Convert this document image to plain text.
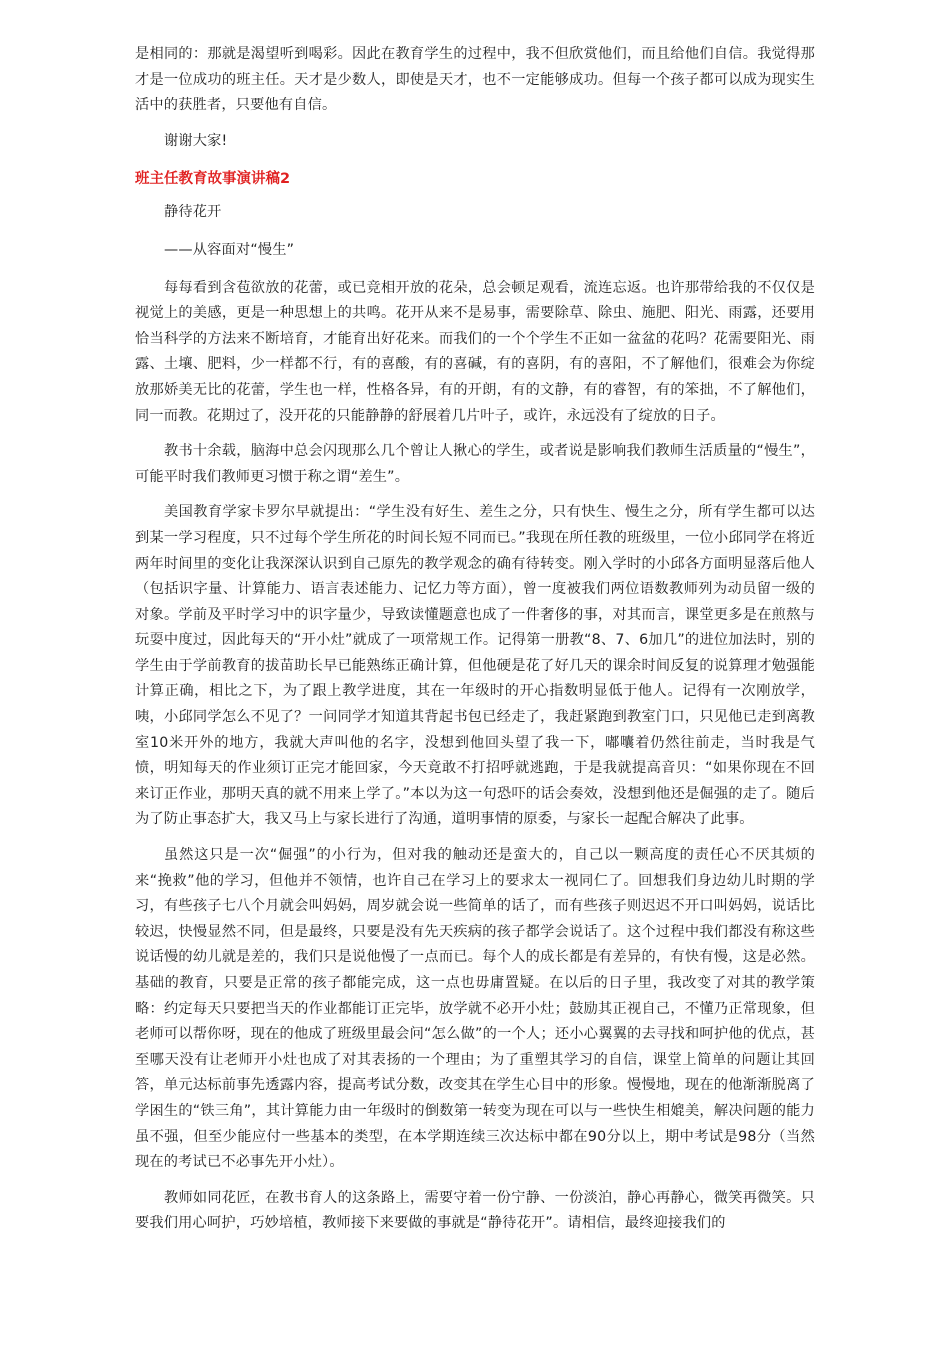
是相同的：那就是渴望听到喝彩。因此在教育学生的过程中，我不但欣赏他们，而且给他们自信。我觉得那才是一位成功的班主任。天才是少数人，即使是天才，也不一定能够成功。但每一个孩子都可以成为现实生活中的获胜者，只要他有自信。

谢谢大家!

班主任教育故事演讲稿2

静待花开

——从容面对“慢生”

每每看到含苞欲放的花蕾，或已竞相开放的花朵，总会顿足观看，流连忘返。也许那带给我的不仅仅是视觉上的美感，更是一种思想上的共鸣。花开从来不是易事，需要除草、除虫、施肥、阳光、雨露，还要用恰当科学的方法来不断培育，才能育出好花来。而我们的一个个学生不正如一盆盆的花吗？花需要阳光、雨露、土壤、肥料，少一样都不行，有的喜酸，有的喜碱，有的喜阴，有的喜阳，不了解他们，很难会为你绽放那娇美无比的花蕾，学生也一样，性格各异，有的开朗，有的文静，有的睿智，有的笨拙，不了解他们，同一而教。花期过了，没开花的只能静静的舒展着几片叶子，或许，永远没有了绽放的日子。

教书十余载，脑海中总会闪现那么几个曾让人揪心的学生，或者说是影响我们教师生活质量的“慢生”，可能平时我们教师更习惯于称之谓“差生”。

美国教育学家卡罗尔早就提出：“学生没有好生、差生之分，只有快生、慢生之分，所有学生都可以达到某一学习程度，只不过每个学生所花的时间长短不同而已。”我现在所任教的班级里，一位小邱同学在将近两年时间里的变化让我深深认识到自己原先的教学观念的确有待转变。刚入学时的小邱各方面明显落后他人（包括识字量、计算能力、语言表述能力、记忆力等方面），曾一度被我们两位语数教师列为动员留一级的对象。学前及平时学习中的识字量少，导致读懂题意也成了一件奢侈的事，对其而言，课堂更多是在煎熬与玩耍中度过，因此每天的“开小灶”就成了一项常规工作。记得第一册教“8、7、6加几”的进位加法时，别的学生由于学前教育的拔苗助长早已能熟练正确计算，但他硬是花了好几天的课余时间反复的说算理才勉强能计算正确，相比之下，为了跟上教学进度，其在一年级时的开心指数明显低于他人。记得有一次刚放学，咦，小邱同学怎么不见了？一问同学才知道其背起书包已经走了，我赶紧跑到教室门口，只见他已走到离教室10米开外的地方，我就大声叫他的名字，没想到他回头望了我一下，嘟囔着仍然往前走，当时我是气愤，明知每天的作业须订正完才能回家，今天竟敢不打招呼就逃跑，于是我就提高音贝：“如果你现在不回来订正作业，那明天真的就不用来上学了。”本以为这一句恐吓的话会奏效，没想到他还是倔强的走了。随后为了防止事态扩大，我又马上与家长进行了沟通，道明事情的原委，与家长一起配合解决了此事。

虽然这只是一次“倔强”的小行为，但对我的触动还是蛮大的，自己以一颗高度的责任心不厌其烦的来“挽救”他的学习，但他并不领情，也许自己在学习上的要求太一视同仁了。回想我们身边幼儿时期的学习，有些孩子七八个月就会叫妈妈，周岁就会说一些简单的话了，而有些孩子则迟迟不开口叫妈妈，说话比较迟，快慢显然不同，但是最终，只要是没有先天疾病的孩子都学会说话了。这个过程中我们都没有称这些说话慢的幼儿就是差的，我们只是说他慢了一点而已。每个人的成长都是有差异的，有快有慢，这是必然。基础的教育，只要是正常的孩子都能完成，这一点也毋庸置疑。在以后的日子里，我改变了对其的教学策略：约定每天只要把当天的作业都能订正完毕，放学就不必开小灶；鼓励其正视自己，不懂乃正常现象，但老师可以帮你呀，现在的他成了班级里最会问“怎么做”的一个人；还小心翼翼的去寻找和呵护他的优点，甚至哪天没有让老师开小灶也成了对其表扬的一个理由；为了重塑其学习的自信，课堂上简单的问题让其回答，单元达标前事先透露内容，提高考试分数，改变其在学生心目中的形象。慢慢地，现在的他渐渐脱离了学困生的“铁三角”，其计算能力由一年级时的倒数第一转变为现在可以与一些快生相媲美，解决问题的能力虽不强，但至少能应付一些基本的类型，在本学期连续三次达标中都在90分以上，期中考试是98分（当然现在的考试已不必事先开小灶）。

教师如同花匠，在教书育人的这条路上，需要守着一份宁静、一份淡泊，静心再静心，微笑再微笑。只要我们用心呵护，巧妙培植，教师接下来要做的事就是“静待花开”。请相信，最终迎接我们的
